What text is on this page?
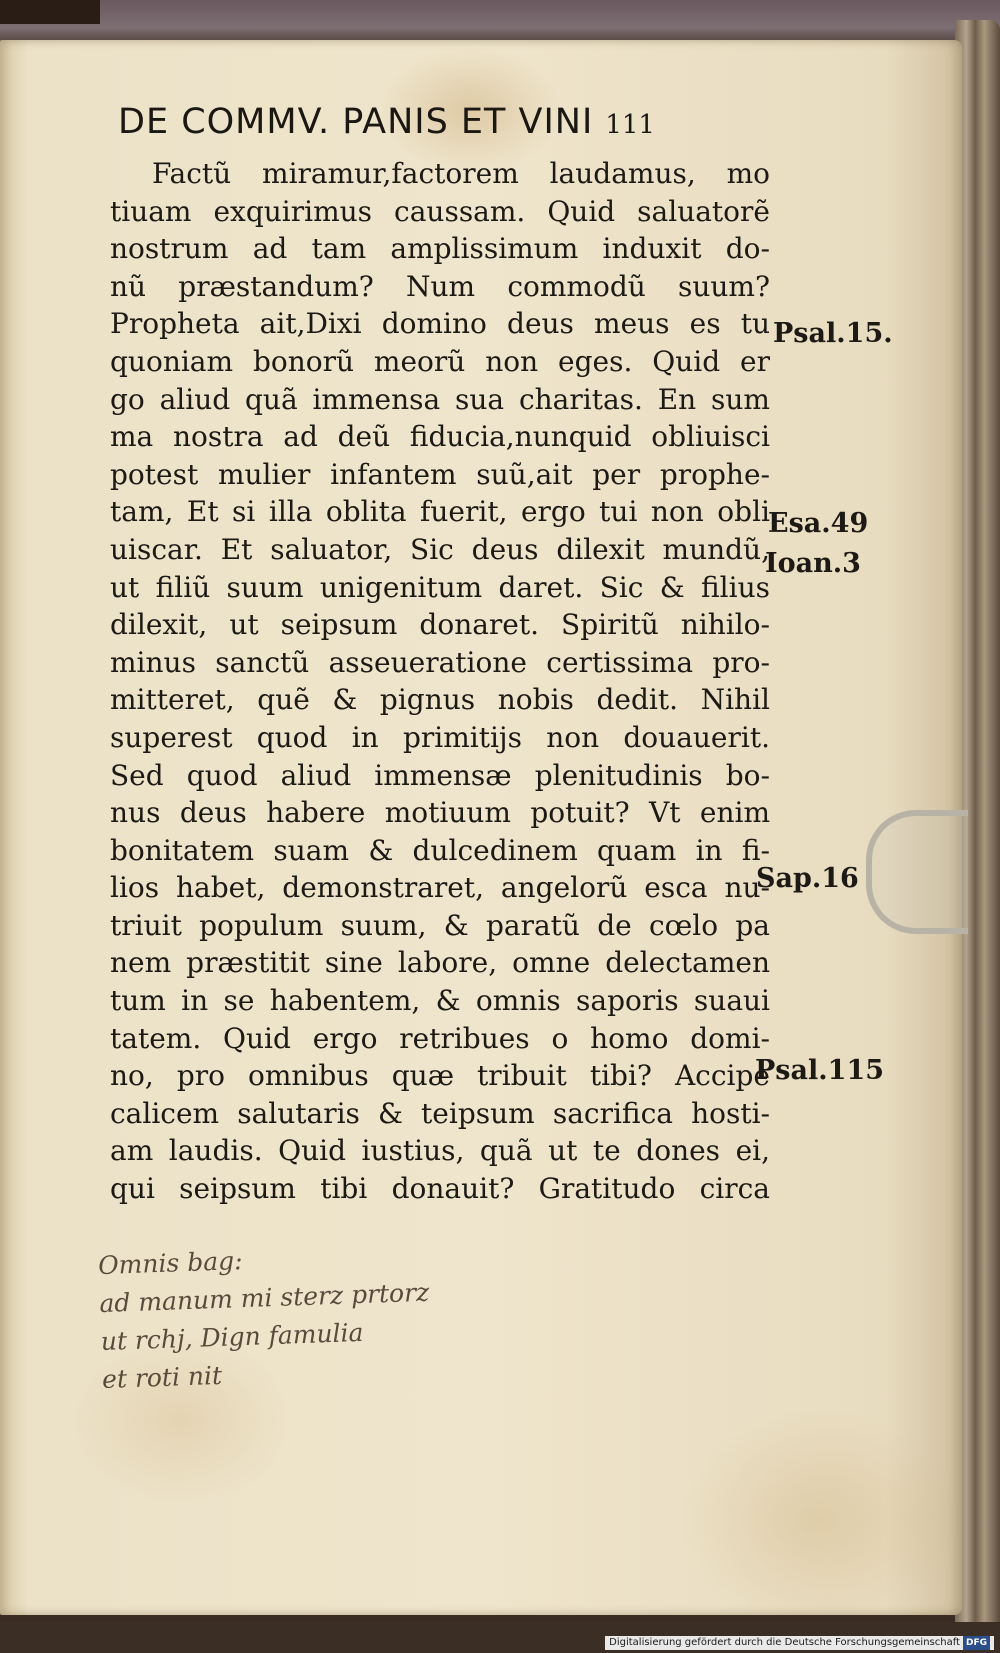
DE COMMV. PANIS ET VINI 111
Factũ miramur,factorem laudamus, mo
tiuam exquirimus caussam. Quid saluatorẽ
nostrum ad tam amplissimum induxit do-
nũ præstandum? Num commodũ suum?
Propheta ait,Dixi domino deus meus es tu
quoniam bonorũ meorũ non eges. Quid er
go aliud quã immensa sua charitas. En sum
ma nostra ad deũ fiducia,nunquid obliuisci
potest mulier infantem suũ,ait per prophe-
tam, Et si illa oblita fuerit, ergo tui non obli
uiscar. Et saluator, Sic deus dilexit mundũ,
ut filiũ suum unigenitum daret. Sic & filius
dilexit, ut seipsum donaret. Spiritũ nihilo-
minus sanctũ asseueratione certissima pro-
mitteret, quẽ & pignus nobis dedit. Nihil
superest quod in primitijs non douauerit.
Sed quod aliud immensæ plenitudinis bo-
nus deus habere motiuum potuit? Vt enim
bonitatem suam & dulcedinem quam in fi-
lios habet, demonstraret, angelorũ esca nu-
triuit populum suum, & paratũ de cœlo pa
nem præstitit sine labore, omne delectamen
tum in se habentem, & omnis saporis suaui
tatem. Quid ergo retribues o homo domi-
no, pro omnibus quæ tribuit tibi? Accipe
calicem salutaris & teipsum sacrifica hosti-
am laudis. Quid iustius, quã ut te dones ei,
qui seipsum tibi donauit? Gratitudo circa
Psal.15.
Esa.49
Ioan.3
Sap.16
Psal.115
Omnis bag:
ad manum mi sterz prtorz
ut rchj, Dign famulia
et roti nit
Digitalisierung gefördert durch die Deutsche Forschungsgemeinschaft DFG
